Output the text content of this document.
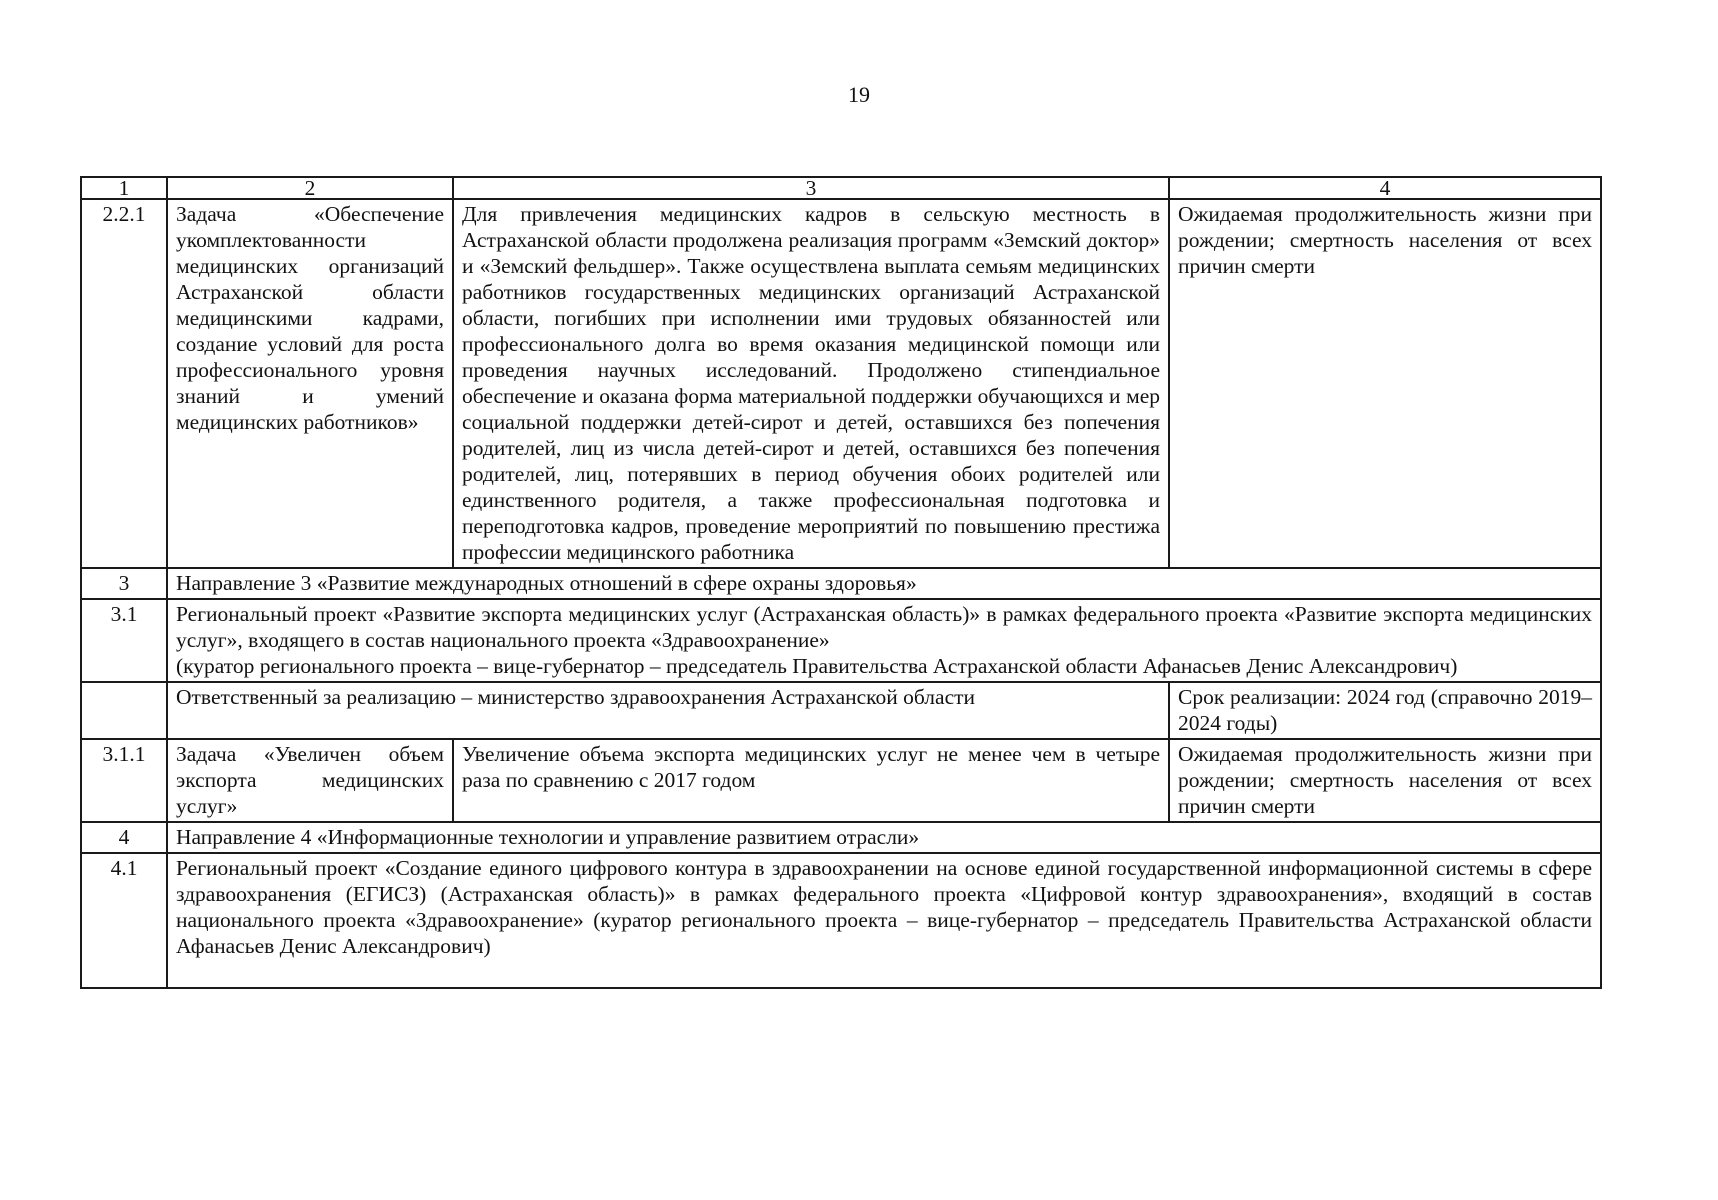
19
1	2	3	4
2.2.1	Задача «Обеспечение укомплектованности медицинских организаций Астраханской области медицинскими кадрами, создание условий для роста профессионального уровня знаний и умений медицинских работников»	Для привлечения медицинских кадров в сельскую местность в Астраханской области продолжена реализация программ «Земский доктор» и «Земский фельдшер». Также осуществлена выплата семьям медицинских работников государственных медицинских организаций Астраханской области, погибших при исполнении ими трудовых обязанностей или профессионального долга во время оказания медицинской помощи или проведения научных исследований. Продолжено стипендиальное обеспечение и оказана форма материальной поддержки обучающихся и мер социальной поддержки детей-сирот и детей, оставшихся без попечения родителей, лиц из числа детей-сирот и детей, оставшихся без попечения родителей, лиц, потерявших в период обучения обоих родителей или единственного родителя, а также профессиональная подготовка и переподготовка кадров, проведение мероприятий по повышению престижа профессии медицинского работника	Ожидаемая продолжительность жизни при рождении; смертность населения от всех причин смерти
3	Направление 3 «Развитие международных отношений в сфере охраны здоровья»		
3.1	Региональный проект «Развитие экспорта медицинских услуг (Астраханская область)» в рамках федерального проекта «Развитие экспорта медицинских услуг», входящего в состав национального проекта «Здравоохранение»
(куратор регионального проекта – вице-губернатор – председатель Правительства Астраханской области Афанасьев Денис Александрович)		
	Ответственный за реализацию – министерство здравоохранения Астраханской области		Срок реализации: 2024 год (справочно 2019–2024 годы)
3.1.1	Задача «Увеличен объем экспорта медицинских услуг»	Увеличение объема экспорта медицинских услуг не менее чем в четыре раза по сравнению с 2017 годом	Ожидаемая продолжительность жизни при рождении; смертность населения от всех причин смерти
4	Направление 4 «Информационные технологии и управление развитием отрасли»		
4.1	Региональный проект «Создание единого цифрового контура в здравоохранении на основе единой государственной информационной системы в сфере здравоохранения (ЕГИСЗ) (Астраханская область)» в рамках федерального проекта «Цифровой контур здравоохранения», входящий в состав национального проекта «Здравоохранение» (куратор регионального проекта – вице-губернатор – председатель Правительства Астраханской области Афанасьев Денис Александрович)		
